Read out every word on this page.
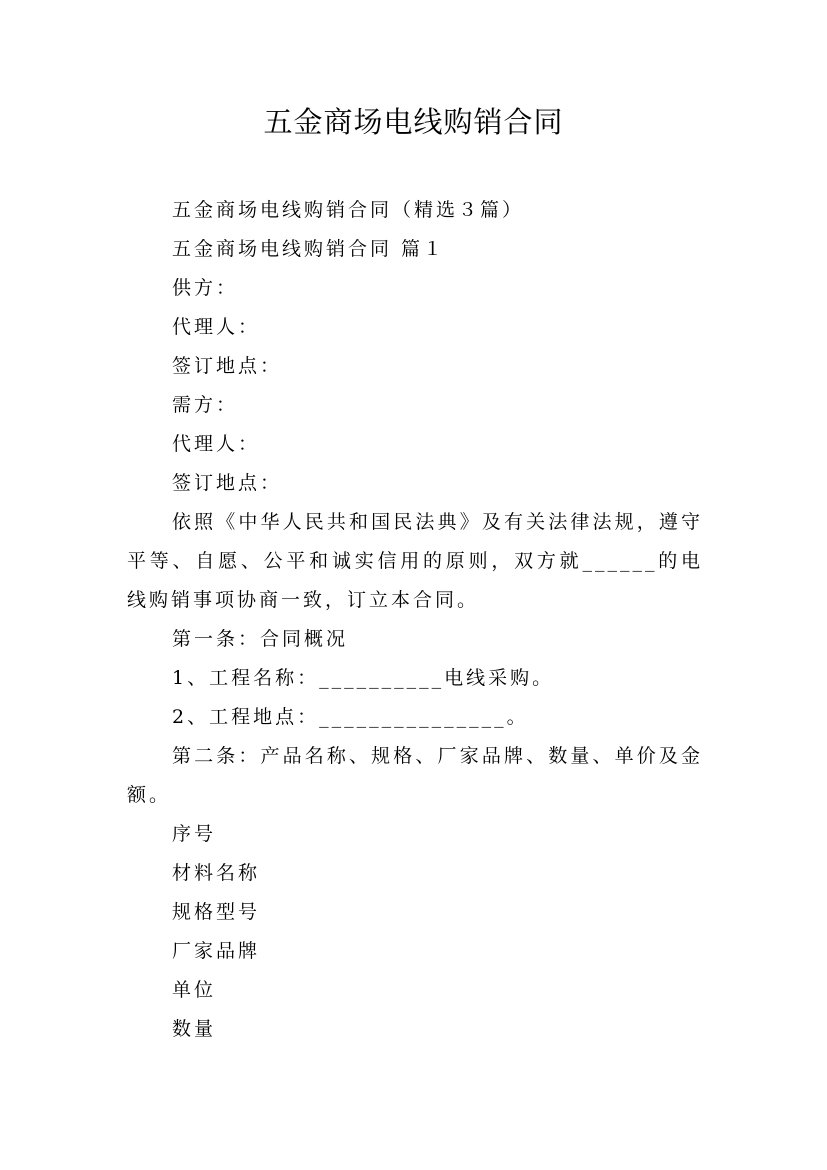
五金商场电线购销合同

五金商场电线购销合同（精选３篇）

五金商场电线购销合同 篇１

供方：

代理人：

签订地点：

需方：

代理人：

签订地点：

依照《中华人民共和国民法典》及有关法律法规，遵守平等、自愿、公平和诚实信用的原则，双方就______的电线购销事项协商一致，订立本合同。

第一条：合同概况

1、工程名称：__________电线采购。

2、工程地点：_______________。

第二条：产品名称、规格、厂家品牌、数量、单价及金额。

序号

材料名称

规格型号

厂家品牌

单位

数量
